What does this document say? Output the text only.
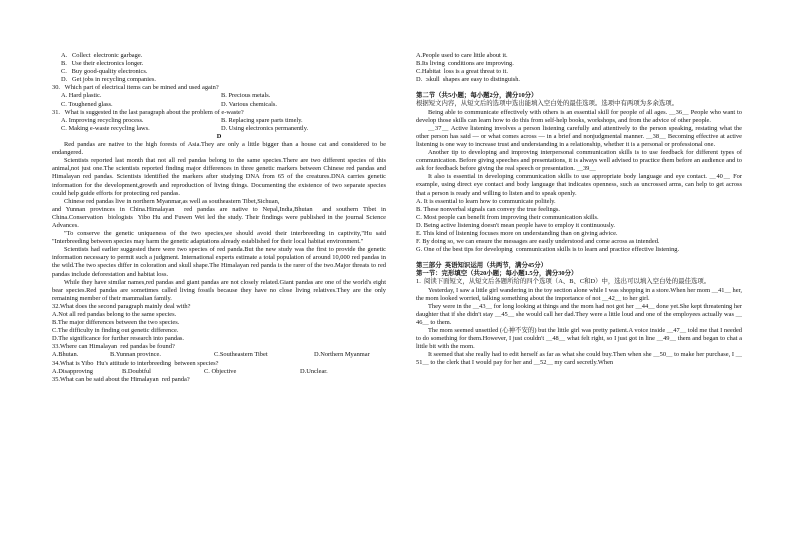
A.   Collect  electronic garbage.
B.   Use their electronics longer.
C.   Buy good-quality electronics.
D.   Get jobs in recycling companies.
30.   Which part of electrical items can be mined and used again?
A. Hard plastic.	B. Precious metals.
C. Toughened glass.	D. Various chemicals.
31.   What is suggested in the last paragraph about the problem of e-waste?
A. Improving recycling process.	B. Replacing spare parts timely.
C. Making e-waste recycling laws.	D. Using electronics permanently.
D
Red pandas are native to the high forests of Asia.They are only a little bigger than a house cat and considered to be endangered.
Scientists reported last month that not all red pandas belong to the same species.There are two different species of this animal,not just one.The scientists reported finding major differences in three genetic markers between Chinese red pandas and Himalayan red pandas. Scientists identified the markers after studying DNA from 65 of the creatures.DNA carries genetic information for the development,growth and reproduction of living things. Documenting the existence of two separate species could help guide efforts for protecting red pandas.
Chinese red pandas live in northern Myanmar,as well as southeastern Tibet,Sichuan,
and Yunnan provinces in China.Himalayan  red pandas are native to Nepal,India,Bhutan  and southern Tibet in China.Conservation  biologists  Yibo Hu and Fuwen Wei led the study. Their findings were published in the journal Science Advances.
"To conserve the genetic uniqueness of the two species,we should avoid their interbreeding in captivity,"Hu said "Interbreeding between species may harm the genetic adaptations already established for their local habitat environment."
Scientists had earlier suggested there were two species of red panda.But the new study was the first to provide the genetic information necessary to permit such a judgment. International experts estimate a total population of around 10,000 red pandas in the wild.The two species differ in coloration and skull shape.The Himalayan red panda is the rarer of the two.Major threats to red pandas include deforestation and habitat loss.
While they have similar names,red pandas and giant pandas are not closely related.Giant pandas are one of the world's eight bear species.Red pandas are sometimes called living fossils because they have no close living relatives.They are the only remaining member of their mammalian family.
32.What does the second paragraph mainly deal with?
A.Not all red pandas belong to the same species.
B.The major differences between the two species.
C.The difficulty in finding out genetic difference.
D.The significance for further research into pandas.
33.Where can Himalayan  red pandas be found?
A.Bhutan.	B.Yunnan province.	C.Southeastern Tibet	D.Northern Myanmar
34.What is Yibo  Hu's attitude to interbreeding  between species?
A.Disapproving	B.Doubtful	C. Objective	D.Unclear.
35.What can be said about the Himalayan  red panda?
A.People used to care little about it.
B.Its living  conditions are improving.
C.Habitat  loss is a great threat to it.
D.  :skull  shapes are easy to distinguish.
第二节（共5小题；每小题2分，满分10分）
根据短文内容，从短文后的选项中选出能填入空白处的最佳选项。选项中有两项为多余选项。
Being able to communicate effectively with others is an essential skill for people of all ages. ＿36＿ People who want to develop those skills can learn how to do this from self-help books, workshops, and from the advice of other people.
＿37＿ Active listening involves a person listening carefully and attentively to the person speaking, restating what the other person has said — or what comes across — in a brief and nonjudgmental manner. ＿38＿ Becoming effective at active listening is one way to increase trust and understanding in a relationship, whether it is a personal or professional one.
Another tip to developing and improving interpersonal communication skills is to use feedback for different types of communication. Before giving speeches and presentations, it is always well advised to practice them before an audience and to ask for feedback before giving the real speech or presentation. ＿39＿
It also is essential in developing communication skills to use appropriate body language and eye contact. ＿40＿ For example, using direct eye contact and body language that indicates openness, such as uncrossed arms, can help to get across that a person is ready and willing to listen and to speak openly.
A. It is essential to learn how to communicate politely.
B. These nonverbal signals can convey the true feelings.
C. Most people can benefit from improving their communication skills.
D. Being active listening doesn't mean people have to employ it continuously.
E. This kind of listening focuses more on understanding than on giving advice.
F. By doing so, we can ensure the messages are easily understood and come across as intended.
G. One of the best tips for developing  communication skills is to learn and practice effective listening.
第三部分  英语知识运用（共两节，满分45分）
第一节：完形填空（共20小题；每小题1.5分，满分30分）
1.  阅读下面短文，从短文后各题所给的四个选项（A、B、C和D）中，选出可以填入空白处的最佳选项。
Yesterday, I saw a little girl wandering in the toy section alone while I was shopping in a store.When her mom ＿41＿ her, the mom looked worried, talking something about the importance of not ＿42＿ to her girl.
They were in the ＿43＿ for long looking at things and the mom had not got her ＿44＿ done yet.She kept threatening her daughter that if she didn't stay ＿45＿ she would call her dad.They were a little loud and one of the employees actually was ＿46＿ to them.
The mom seemed unsettled (心神不安的) but the little girl was pretty patient.A voice inside ＿47＿ told me that I needed to do something for them.However, I just couldn't ＿48＿ what felt right, so I just got in line ＿49＿ them and began to chat a little bit with the mom.
It seemed that she really had to edit herself as far as what she could buy.Then when she ＿50＿ to make her purchase, I ＿51＿ to the clerk that I would pay for her and ＿52＿ my card secretly.When
